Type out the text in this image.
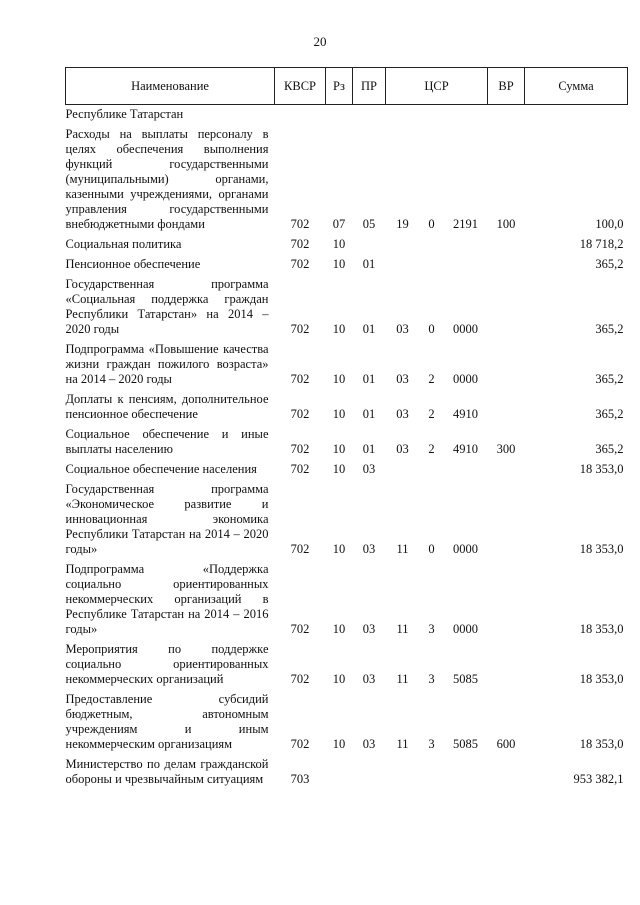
20
Наименование	КВСР	Рз	ПР	ЦСР			ВР	Сумма
Республике Татарстан								
Расходы на выплаты персоналу в целях обеспечения выполнения функций государственными (муниципальными) органами, казенными учреждениями, органами управления государственными внебюджетными фондами	702	07	05	19	0	2191	100	100,0
Социальная политика	702	10						18 718,2
Пенсионное обеспечение	702	10	01					365,2
Государственная программа «Социальная поддержка граждан Республики Татарстан» на 2014 – 2020 годы	702	10	01	03	0	0000		365,2
Подпрограмма «Повышение качества жизни граждан пожилого возраста» на 2014 – 2020 годы	702	10	01	03	2	0000		365,2
Доплаты к пенсиям, дополнительное пенсионное обеспечение	702	10	01	03	2	4910		365,2
Социальное обеспечение и иные выплаты населению	702	10	01	03	2	4910	300	365,2
Социальное обеспечение населения	702	10	03					18 353,0
Государственная программа «Экономическое развитие и инновационная экономика Республики Татарстан на 2014 – 2020 годы»	702	10	03	11	0	0000		18 353,0
Подпрограмма «Поддержка социально ориентированных некоммерческих организаций в Республике Татарстан на 2014 – 2016 годы»	702	10	03	11	3	0000		18 353,0
Мероприятия по поддержке социально ориентированных некоммерческих организаций	702	10	03	11	3	5085		18 353,0
Предоставление субсидий бюджетным, автономным учреждениям и иным некоммерческим организациям	702	10	03	11	3	5085	600	18 353,0
Министерство по делам гражданской обороны и чрезвычайным ситуациям	703							953 382,1
